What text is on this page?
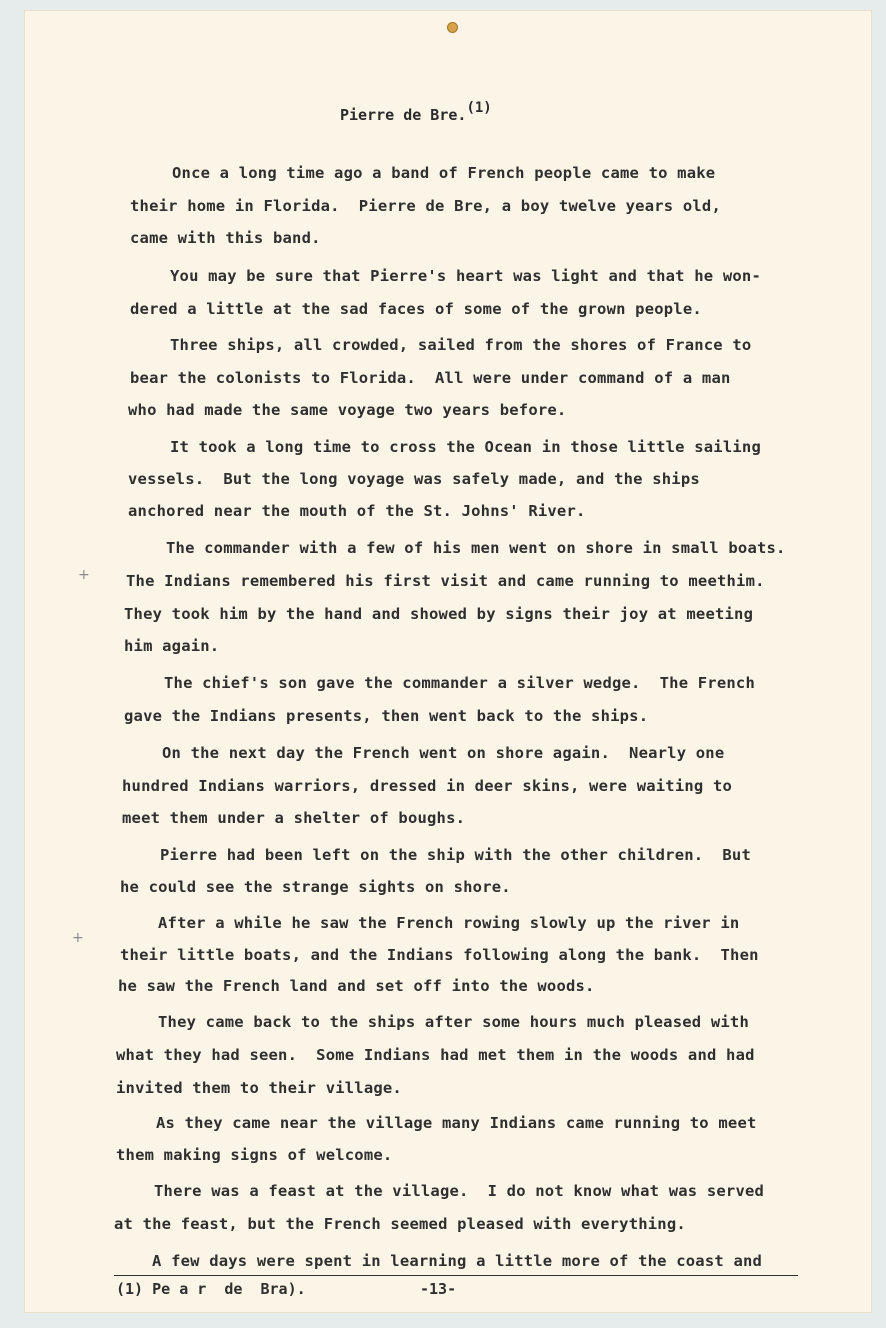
Pierre de Bre.$^{(1)}$
Once a long time ago a band of French people came to make
their home in Florida.  Pierre de Bre, a boy twelve years old,
came with this band.
You may be sure that Pierre's heart was light and that he won-
dered a little at the sad faces of some of the grown people.
Three ships, all crowded, sailed from the shores of France to
bear the colonists to Florida.  All were under command of a man
who had made the same voyage two years before.
It took a long time to cross the Ocean in those little sailing
vessels.  But the long voyage was safely made, and the ships
anchored near the mouth of the St. Johns' River.
The commander with a few of his men went on shore in small boats.
The Indians remembered his first visit and came running to meethim.
They took him by the hand and showed by signs their joy at meeting
him again.
The chief's son gave the commander a silver wedge.  The French
gave the Indians presents, then went back to the ships.
On the next day the French went on shore again.  Nearly one
hundred Indians warriors, dressed in deer skins, were waiting to
meet them under a shelter of boughs.
Pierre had been left on the ship with the other children.  But
he could see the strange sights on shore.
After a while he saw the French rowing slowly up the river in
their little boats, and the Indians following along the bank.  Then
he saw the French land and set off into the woods.
They came back to the ships after some hours much pleased with
what they had seen.  Some Indians had met them in the woods and had
invited them to their village.
As they came near the village many Indians came running to meet
them making signs of welcome.
There was a feast at the village.  I do not know what was served
at the feast, but the French seemed pleased with everything.
A few days were spent in learning a little more of the coast and
+
+
(1) Pe a r  de  Bra).	-13-
